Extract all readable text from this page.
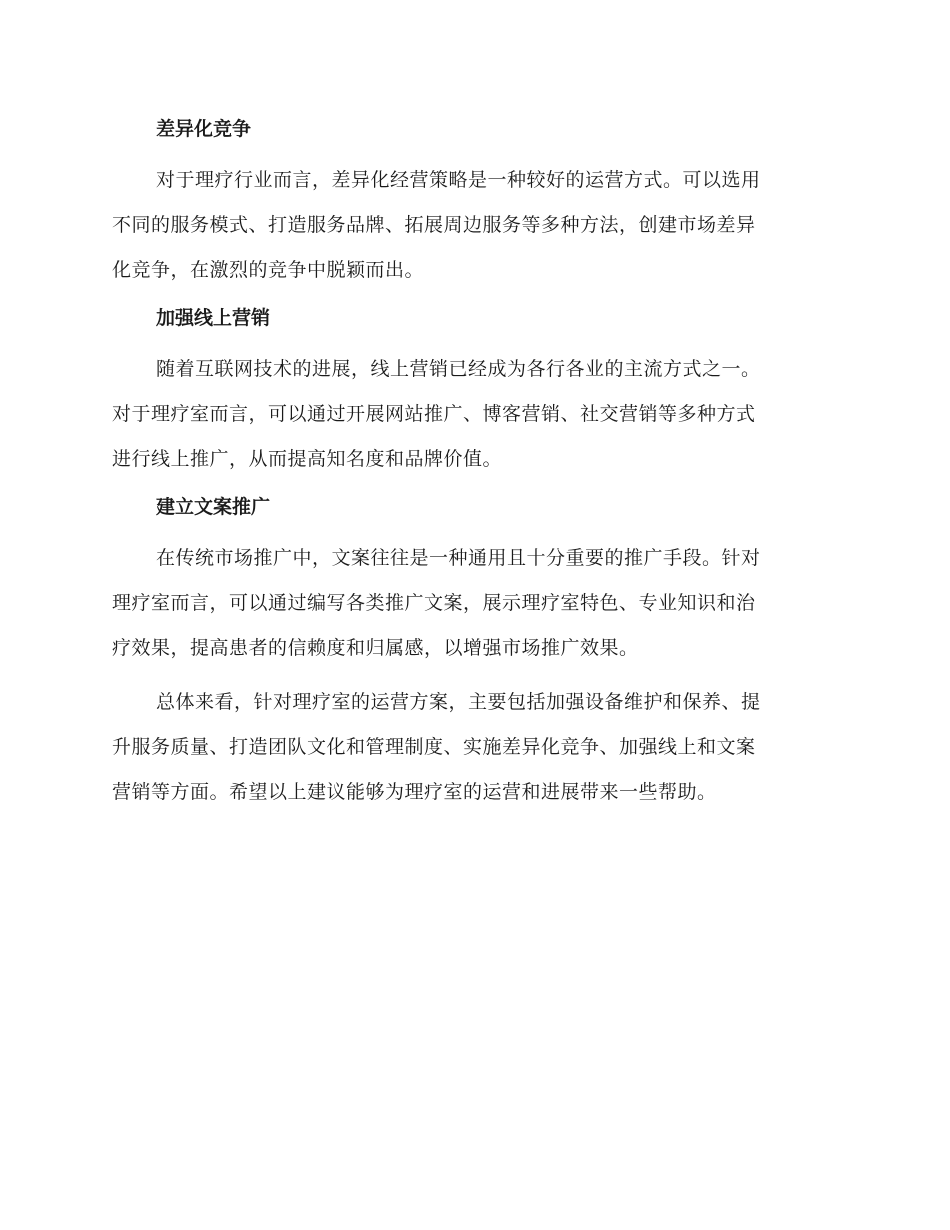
差异化竞争
对于理疗行业而言，差异化经营策略是一种较好的运营方式。可以选用
不同的服务模式、打造服务品牌、拓展周边服务等多种方法，创建市场差异
化竞争，在激烈的竞争中脱颖而出。
加强线上营销
随着互联网技术的进展，线上营销已经成为各行各业的主流方式之一。
对于理疗室而言，可以通过开展网站推广、博客营销、社交营销等多种方式
进行线上推广，从而提高知名度和品牌价值。
建立文案推广
在传统市场推广中，文案往往是一种通用且十分重要的推广手段。针对
理疗室而言，可以通过编写各类推广文案，展示理疗室特色、专业知识和治
疗效果，提高患者的信赖度和归属感，以增强市场推广效果。
总体来看，针对理疗室的运营方案，主要包括加强设备维护和保养、提
升服务质量、打造团队文化和管理制度、实施差异化竞争、加强线上和文案
营销等方面。希望以上建议能够为理疗室的运营和进展带来一些帮助。
